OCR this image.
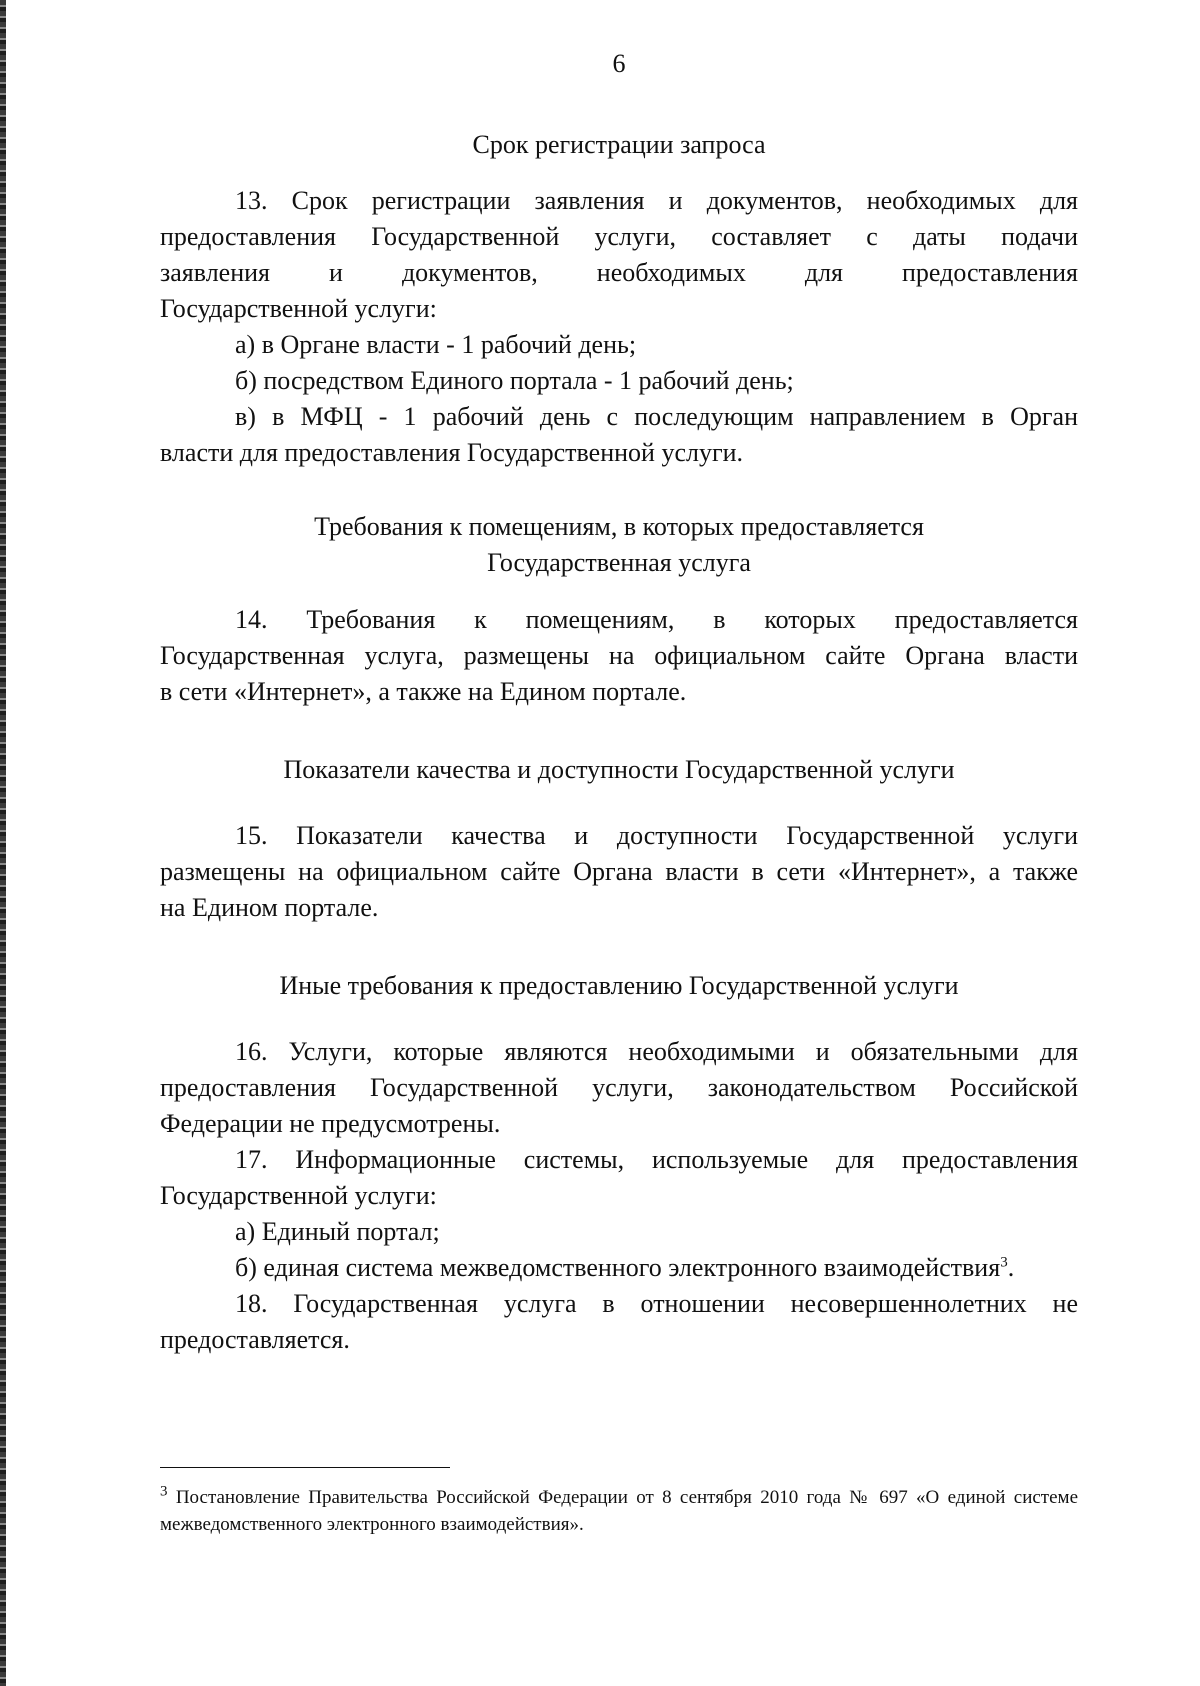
6
Срок регистрации запроса
13. Срок регистрации заявления и документов, необходимых для
предоставления Государственной услуги, составляет с даты подачи
заявления и документов, необходимых для предоставления
Государственной услуги:
а) в Органе власти - 1 рабочий день;
б) посредством Единого портала - 1 рабочий день;
в) в МФЦ - 1 рабочий день с последующим направлением в Орган
власти для предоставления Государственной услуги.
Требования к помещениям, в которых предоставляется
Государственная услуга
14. Требования к помещениям, в которых предоставляется
Государственная услуга, размещены на официальном сайте Органа власти
в сети «Интернет», а также на Едином портале.
Показатели качества и доступности Государственной услуги
15. Показатели качества и доступности Государственной услуги
размещены на официальном сайте Органа власти в сети «Интернет», а также
на Едином портале.
Иные требования к предоставлению Государственной услуги
16. Услуги, которые являются необходимыми и обязательными для
предоставления Государственной услуги, законодательством Российской
Федерации не предусмотрены.
17. Информационные системы, используемые для предоставления
Государственной услуги:
а) Единый портал;
б) единая система межведомственного электронного взаимодействия$^3$.
18. Государственная услуга в отношении несовершеннолетних не
предоставляется.
$^3$ Постановление Правительства Российской Федерации от 8 сентября 2010 года № 697 «О единой системе межведомственного электронного взаимодействия».
